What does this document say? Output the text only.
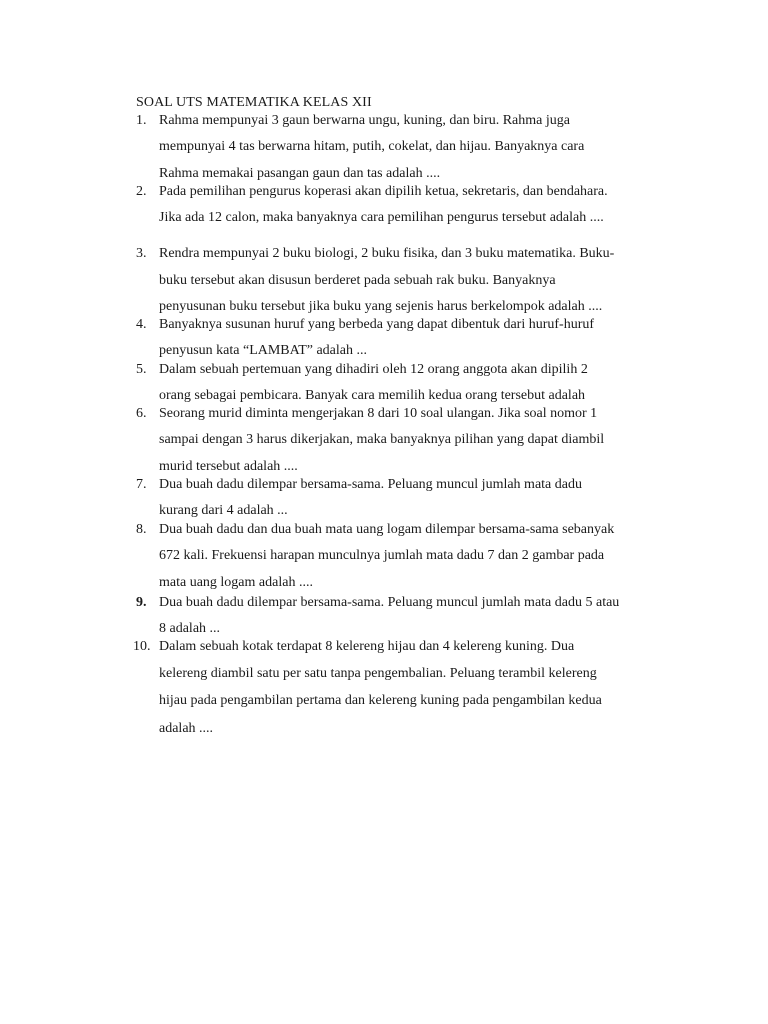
SOAL UTS MATEMATIKA KELAS XII
1. Rahma mempunyai 3 gaun berwarna ungu, kuning, dan biru. Rahma juga
mempunyai 4 tas berwarna hitam, putih, cokelat, dan hijau. Banyaknya cara
Rahma memakai pasangan gaun dan tas adalah ....
2. Pada pemilihan pengurus koperasi akan dipilih ketua, sekretaris, dan bendahara.
Jika ada 12 calon, maka banyaknya cara pemilihan pengurus tersebut adalah ....
3. Rendra mempunyai 2 buku biologi, 2 buku fisika, dan 3 buku matematika. Buku-
buku tersebut akan disusun berderet pada sebuah rak buku. Banyaknya
penyusunan buku tersebut jika buku yang sejenis harus berkelompok adalah ....
4. Banyaknya susunan huruf yang berbeda yang dapat dibentuk dari huruf-huruf
penyusun kata “LAMBAT” adalah ...
5. Dalam sebuah pertemuan yang dihadiri oleh 12 orang anggota akan dipilih 2
orang sebagai pembicara. Banyak cara memilih kedua orang tersebut adalah
6. Seorang murid diminta mengerjakan 8 dari 10 soal ulangan. Jika soal nomor 1
sampai dengan 3 harus dikerjakan, maka banyaknya pilihan yang dapat diambil
murid tersebut adalah ....
7. Dua buah dadu dilempar bersama-sama. Peluang muncul jumlah mata dadu
kurang dari 4 adalah ...
8. Dua buah dadu dan dua buah mata uang logam dilempar bersama-sama sebanyak
672 kali. Frekuensi harapan munculnya jumlah mata dadu 7 dan 2 gambar pada
mata uang logam adalah ....
9. Dua buah dadu dilempar bersama-sama. Peluang muncul jumlah mata dadu 5 atau
8 adalah ...
10. Dalam sebuah kotak terdapat 8 kelereng hijau dan 4 kelereng kuning. Dua
kelereng diambil satu per satu tanpa pengembalian. Peluang terambil kelereng
hijau pada pengambilan pertama dan kelereng kuning pada pengambilan kedua
adalah ....
